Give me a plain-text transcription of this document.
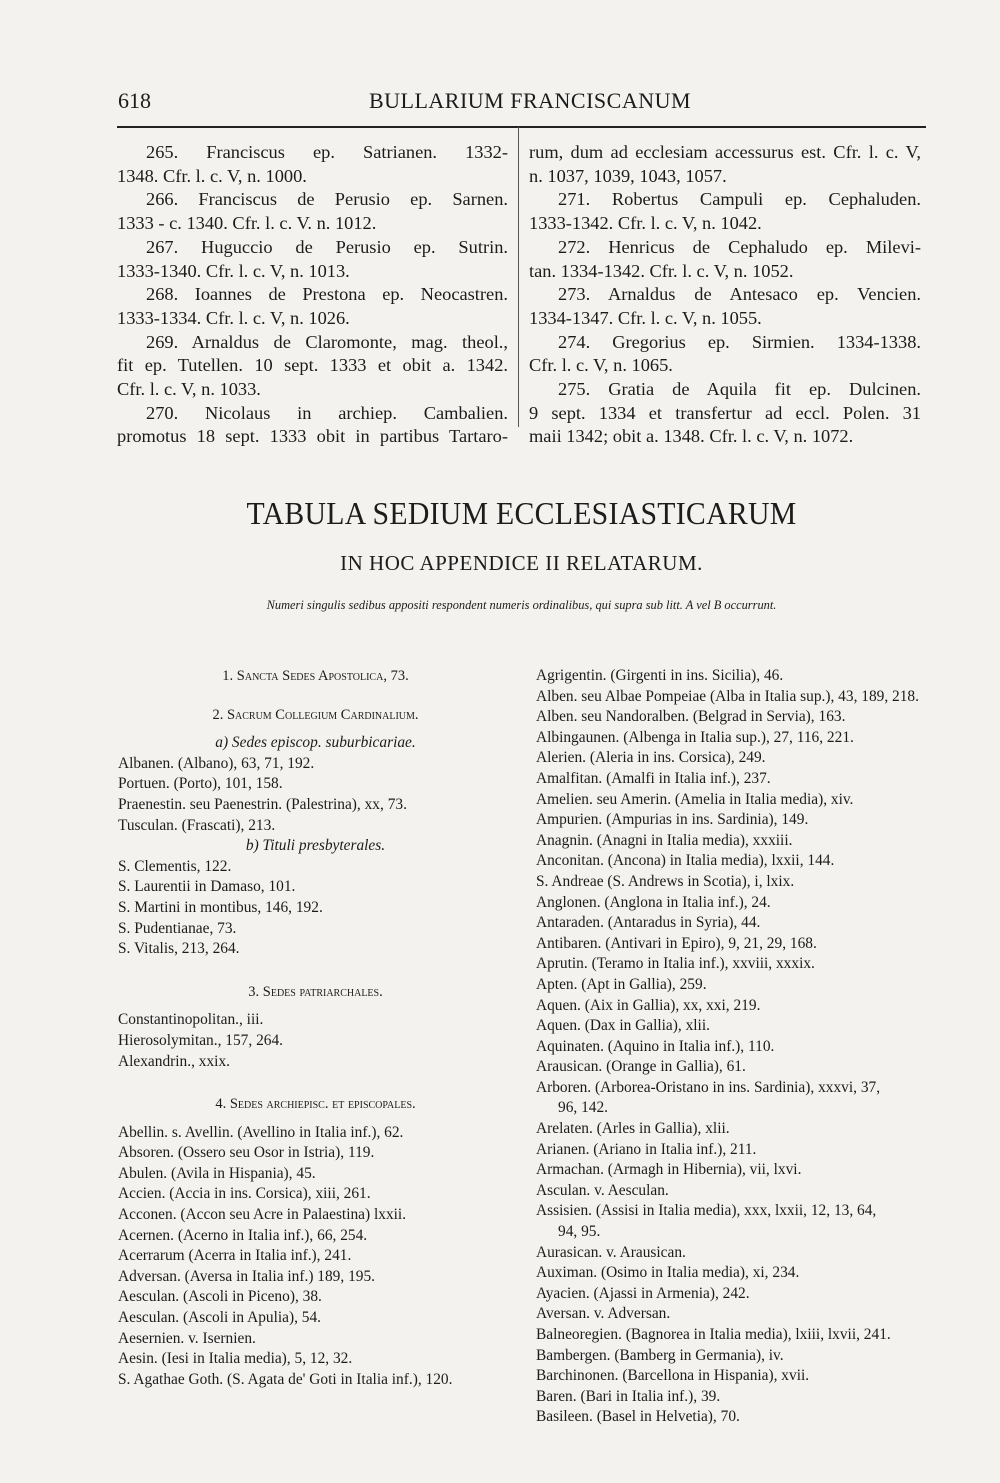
618	BULLARIUM FRANCISCANUM

265. Franciscus ep. Satrianen. 1332-

1348. Cfr. l. c. V, n. 1000.

266. Franciscus de Perusio ep. Sarnen.

1333 - c. 1340. Cfr. l. c. V. n. 1012.

267. Huguccio de Perusio ep. Sutrin.

1333-1340. Cfr. l. c. V, n. 1013.

268. Ioannes de Prestona ep. Neocastren.

1333-1334. Cfr. l. c. V, n. 1026.

269. Arnaldus de Claromonte, mag. theol.,

fit ep. Tutellen. 10 sept. 1333 et obit a. 1342.

Cfr. l. c. V, n. 1033.

270. Nicolaus in archiep. Cambalien.

promotus 18 sept. 1333 obit in partibus Tartaro-

rum, dum ad ecclesiam accessurus est. Cfr. l. c. V,

n. 1037, 1039, 1043, 1057.

271. Robertus Campuli ep. Cephaluden.

1333-1342. Cfr. l. c. V, n. 1042.

272. Henricus de Cephaludo ep. Milevi-

tan. 1334-1342. Cfr. l. c. V, n. 1052.

273. Arnaldus de Antesaco ep. Vencien.

1334-1347. Cfr. l. c. V, n. 1055.

274. Gregorius ep. Sirmien. 1334-1338.

Cfr. l. c. V, n. 1065.

275. Gratia de Aquila fit ep. Dulcinen.

9 sept. 1334 et transfertur ad eccl. Polen. 31

maii 1342; obit a. 1348. Cfr. l. c. V, n. 1072.

TABULA SEDIUM ECCLESIASTICARUM
IN HOC APPENDICE II RELATARUM.
Numeri singulis sedibus appositi respondent numeris ordinalibus, qui supra sub litt. A vel B occurrunt.

1. Sancta Sedes Apostolica, 73.

2. Sacrum Collegium Cardinalium.

a) Sedes episcop. suburbicariae.

Albanen. (Albano), 63, 71, 192.

Portuen. (Porto), 101, 158.

Praenestin. seu Paenestrin. (Palestrina), xx, 73.

Tusculan. (Frascati), 213.

b) Tituli presbyterales.

S. Clementis, 122.

S. Laurentii in Damaso, 101.

S. Martini in montibus, 146, 192.

S. Pudentianae, 73.

S. Vitalis, 213, 264.

3. Sedes patriarchales.

Constantinopolitan., iii.

Hierosolymitan., 157, 264.

Alexandrin., xxix.

4. Sedes archiepisc. et episcopales.

Abellin. s. Avellin. (Avellino in Italia inf.), 62.

Absoren. (Ossero seu Osor in Istria), 119.

Abulen. (Avila in Hispania), 45.

Accien. (Accia in ins. Corsica), xiii, 261.

Acconen. (Accon seu Acre in Palaestina) lxxii.

Acernen. (Acerno in Italia inf.), 66, 254.

Acerrarum (Acerra in Italia inf.), 241.

Adversan. (Aversa in Italia inf.) 189, 195.

Aesculan. (Ascoli in Piceno), 38.

Aesculan. (Ascoli in Apulia), 54.

Aesernien. v. Isernien.

Aesin. (Iesi in Italia media), 5, 12, 32.

S. Agathae Goth. (S. Agata de' Goti in Italia inf.), 120.

Agrigentin. (Girgenti in ins. Sicilia), 46.

Alben. seu Albae Pompeiae (Alba in Italia sup.), 43, 189, 218.

Alben. seu Nandoralben. (Belgrad in Servia), 163.

Albingaunen. (Albenga in Italia sup.), 27, 116, 221.

Alerien. (Aleria in ins. Corsica), 249.

Amalfitan. (Amalfi in Italia inf.), 237.

Amelien. seu Amerin. (Amelia in Italia media), xiv.

Ampurien. (Ampurias in ins. Sardinia), 149.

Anagnin. (Anagni in Italia media), xxxiii.

Anconitan. (Ancona) in Italia media), lxxii, 144.

S. Andreae (S. Andrews in Scotia), i, lxix.

Anglonen. (Anglona in Italia inf.), 24.

Antaraden. (Antaradus in Syria), 44.

Antibaren. (Antivari in Epiro), 9, 21, 29, 168.

Aprutin. (Teramo in Italia inf.), xxviii, xxxix.

Apten. (Apt in Gallia), 259.

Aquen. (Aix in Gallia), xx, xxi, 219.

Aquen. (Dax in Gallia), xlii.

Aquinaten. (Aquino in Italia inf.), 110.

Arausican. (Orange in Gallia), 61.

Arboren. (Arborea-Oristano in ins. Sardinia), xxxvi, 37,

96, 142.

Arelaten. (Arles in Gallia), xlii.

Arianen. (Ariano in Italia inf.), 211.

Armachan. (Armagh in Hibernia), vii, lxvi.

Asculan. v. Aesculan.

Assisien. (Assisi in Italia media), xxx, lxxii, 12, 13, 64,

94, 95.

Aurasican. v. Arausican.

Auximan. (Osimo in Italia media), xi, 234.

Ayacien. (Ajassi in Armenia), 242.

Aversan. v. Adversan.

Balneoregien. (Bagnorea in Italia media), lxiii, lxvii, 241.

Bambergen. (Bamberg in Germania), iv.

Barchinonen. (Barcellona in Hispania), xvii.

Baren. (Bari in Italia inf.), 39.

Basileen. (Basel in Helvetia), 70.
